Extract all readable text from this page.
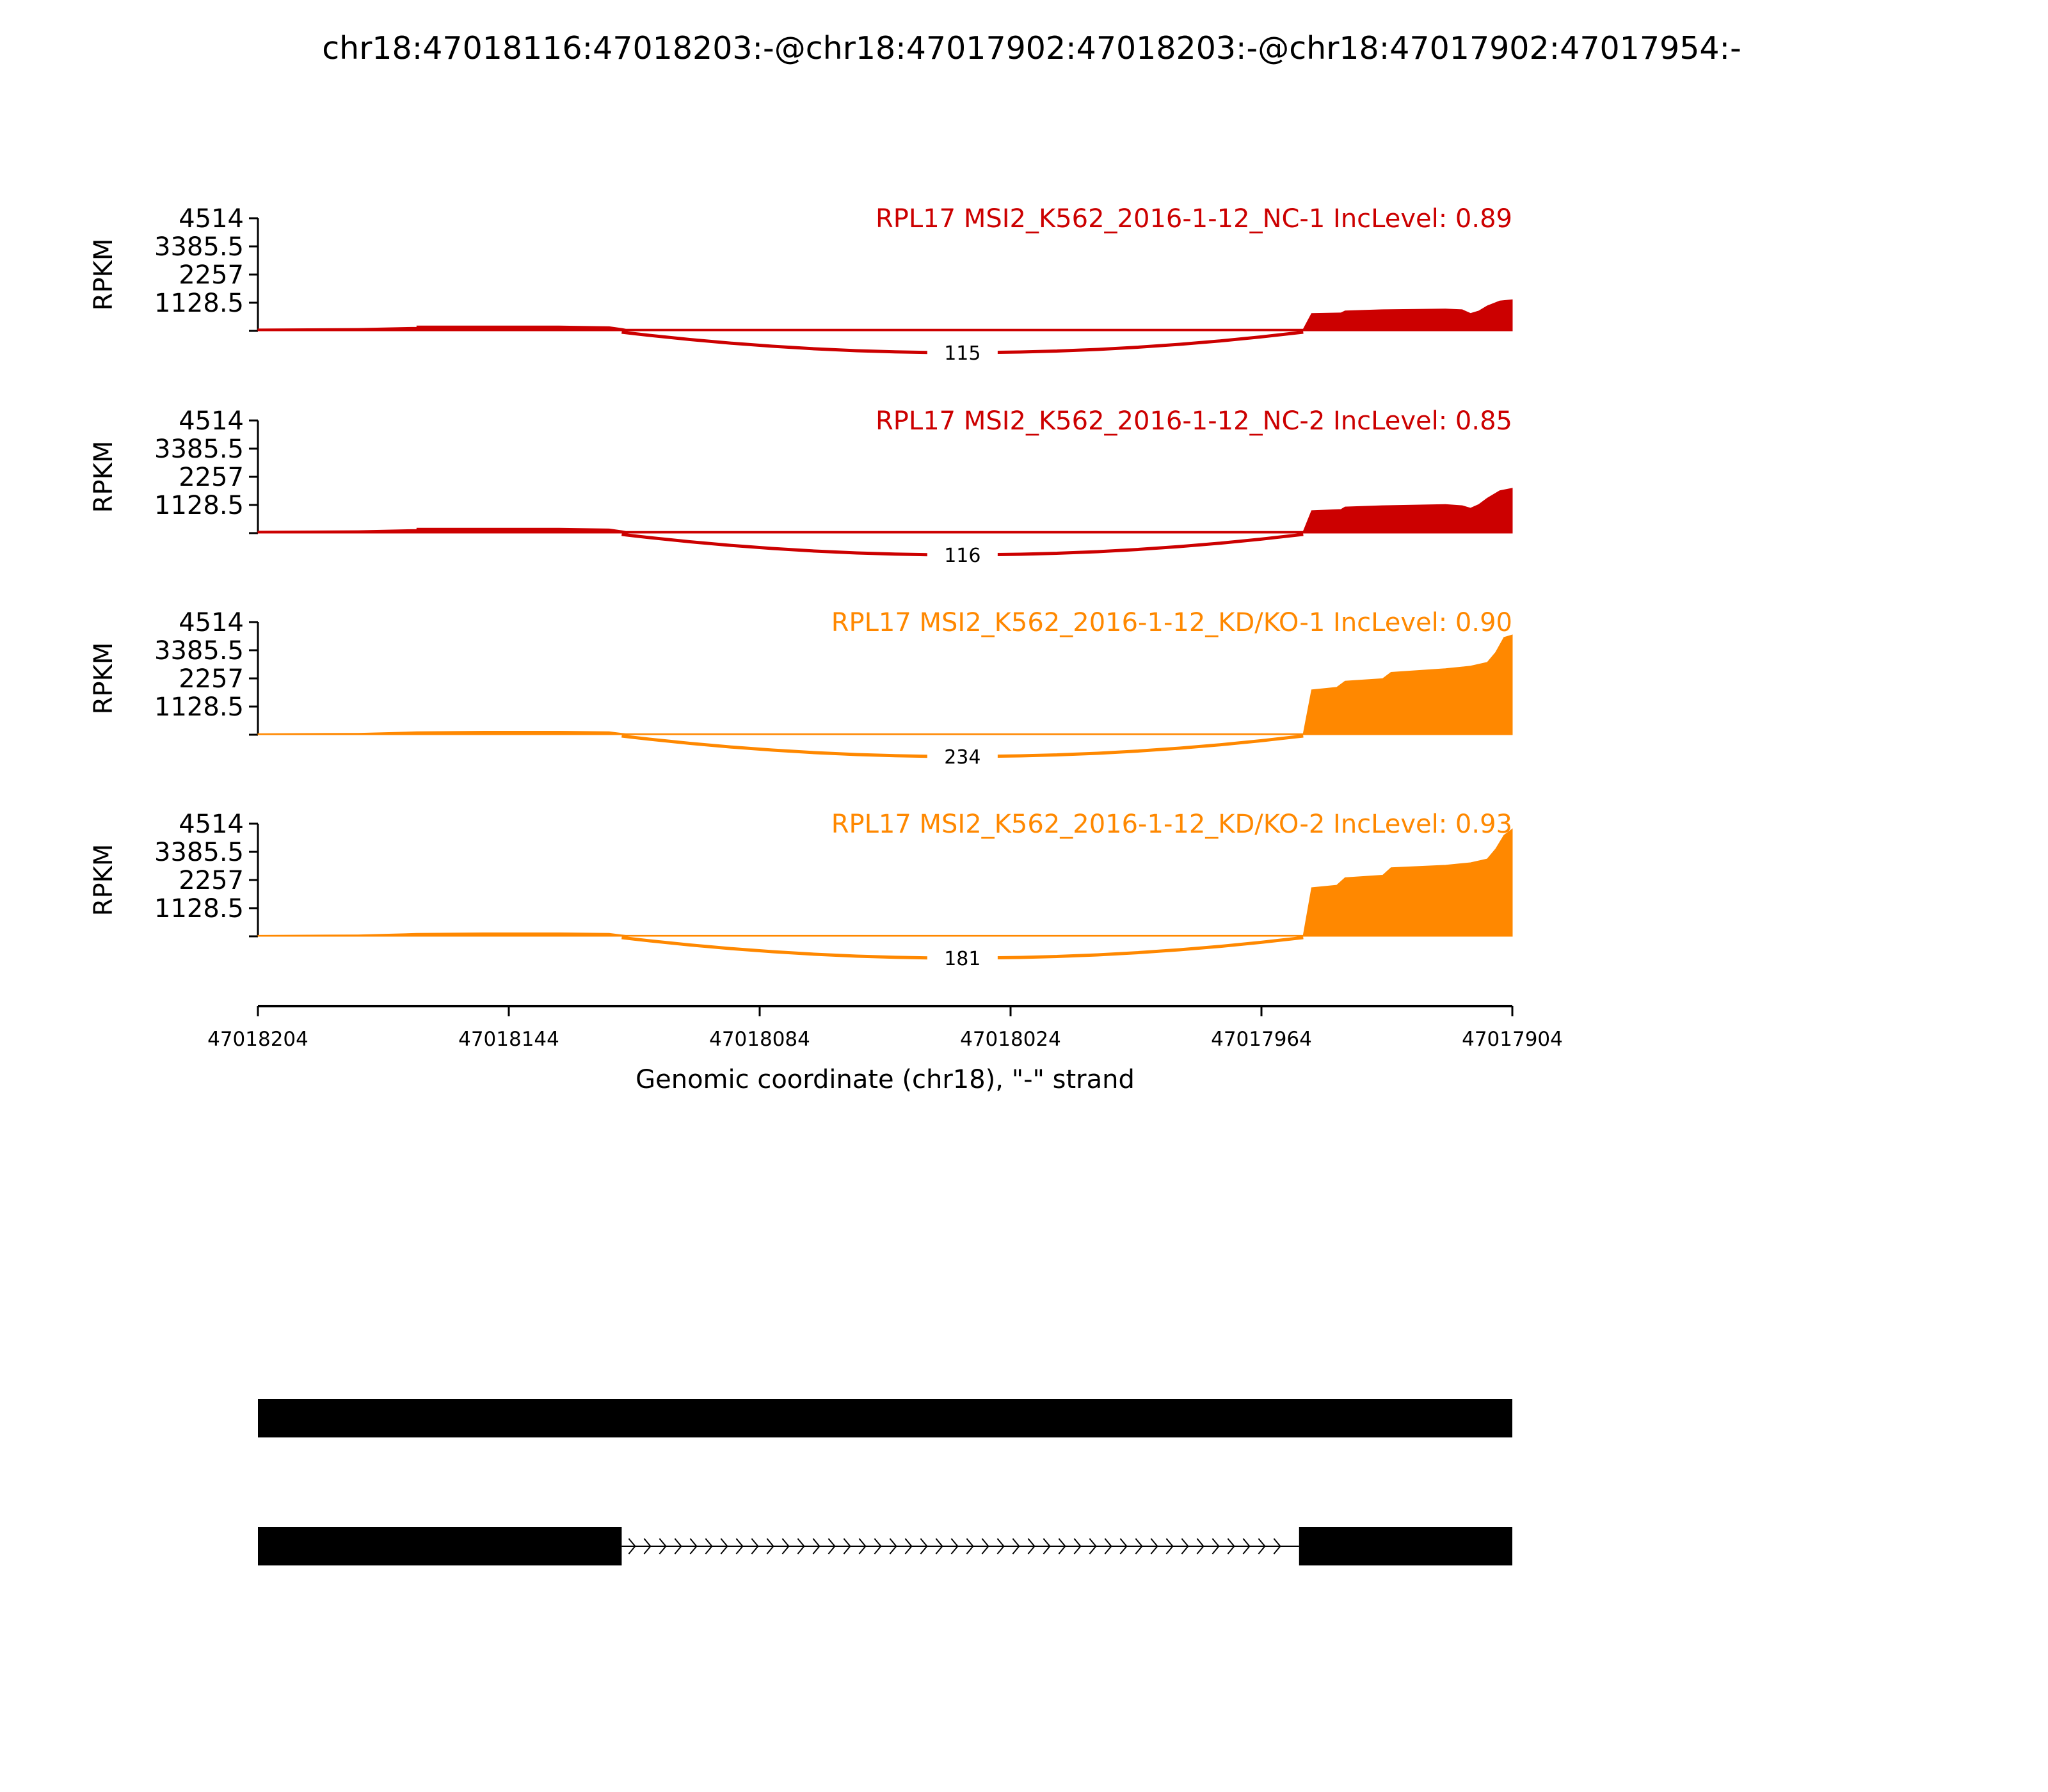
chr18:47018116:47018203:-@chr18:47017902:47018203:-@chr18:47017902:47017954:-
4514
3385.5
2257
1128.5
RPKM
115
RPL17 MSI2_K562_2016-1-12_NC-1 IncLevel: 0.89
4514
3385.5
2257
1128.5
RPKM
116
RPL17 MSI2_K562_2016-1-12_NC-2 IncLevel: 0.85
4514
3385.5
2257
1128.5
RPKM
234
RPL17 MSI2_K562_2016-1-12_KD/KO-1 IncLevel: 0.90
4514
3385.5
2257
1128.5
RPKM
181
RPL17 MSI2_K562_2016-1-12_KD/KO-2 IncLevel: 0.93
47018204	47018144	47018084	47018024	47017964	47017904
Genomic coordinate (chr18), "-" strand
